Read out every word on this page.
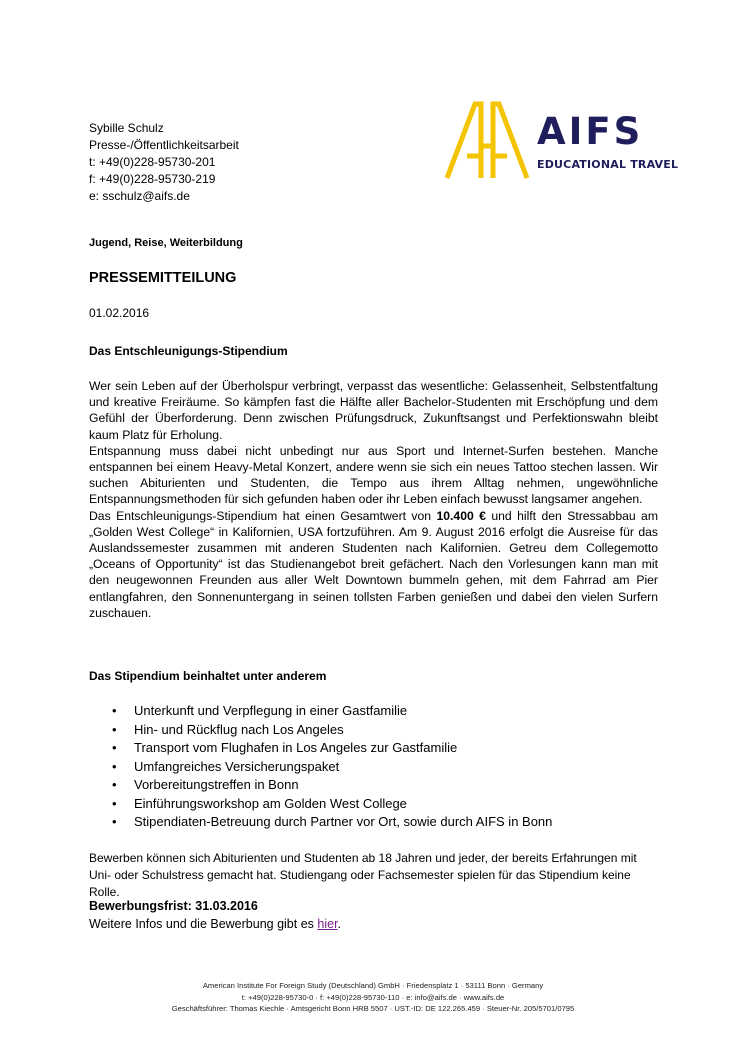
Sybille Schulz
Presse-/Öffentlichkeitsarbeit
t: +49(0)228-95730-201
f: +49(0)228-95730-219
e: sschulz@aifs.de
AIFS
EDUCATIONAL TRAVEL
Jugend, Reise, Weiterbildung
PRESSEMITTEILUNG
01.02.2016
Das Entschleunigungs-Stipendium

Wer sein Leben auf der Überholspur verbringt, verpasst das wesentliche: Gelassenheit, Selbstentfaltung und kreative Freiräume. So kämpfen fast die Hälfte aller Bachelor-Studenten mit Erschöpfung und dem Gefühl der Überforderung. Denn zwischen Prüfungsdruck, Zukunftsangst und Perfektionswahn bleibt kaum Platz für Erholung.

Entspannung muss dabei nicht unbedingt nur aus Sport und Internet-Surfen bestehen. Manche entspannen bei einem Heavy-Metal Konzert, andere wenn sie sich ein neues Tattoo stechen lassen. Wir suchen Abiturienten und Studenten, die Tempo aus ihrem Alltag nehmen, ungewöhnliche Entspannungsmethoden für sich gefunden haben oder ihr Leben einfach bewusst langsamer angehen.

Das Entschleunigungs-Stipendium hat einen Gesamtwert von 10.400 € und hilft den Stressabbau am „Golden West College“ in Kalifornien, USA fortzuführen. Am 9. August 2016 erfolgt die Ausreise für das Auslandssemester zusammen mit anderen Studenten nach Kalifornien. Getreu dem Collegemotto „Oceans of Opportunity“ ist das Studienangebot breit gefächert. Nach den Vorlesungen kann man mit den neugewonnen Freunden aus aller Welt Downtown bummeln gehen, mit dem Fahrrad am Pier entlangfahren, den Sonnenuntergang in seinen tollsten Farben genießen und dabei den vielen Surfern zuschauen.

Das Stipendium beinhaltet unter anderem
• Unterkunft und Verpflegung in einer Gastfamilie
• Hin- und Rückflug nach Los Angeles
• Transport vom Flughafen in Los Angeles zur Gastfamilie
• Umfangreiches Versicherungspaket
• Vorbereitungstreffen in Bonn
• Einführungsworkshop am Golden West College
• Stipendiaten-Betreuung durch Partner vor Ort, sowie durch AIFS in Bonn
Bewerben können sich Abiturienten und Studenten ab 18 Jahren und jeder, der bereits Erfahrungen mit Uni- oder Schulstress gemacht hat. Studiengang oder Fachsemester spielen für das Stipendium keine Rolle.
Bewerbungsfrist: 31.03.2016
Weitere Infos und die Bewerbung gibt es hier.
American Institute For Foreign Study (Deutschland) GmbH · Friedensplatz 1 · 53111 Bonn · Germany
t: +49(0)228-95730-0 · f: +49(0)228-95730-110 · e: info@aifs.de · www.aifs.de
Geschäftsführer: Thomas Kiechle · Amtsgericht Bonn HRB 5507 · UST.-ID: DE 122.265.459 · Steuer-Nr. 205/5701/0795
